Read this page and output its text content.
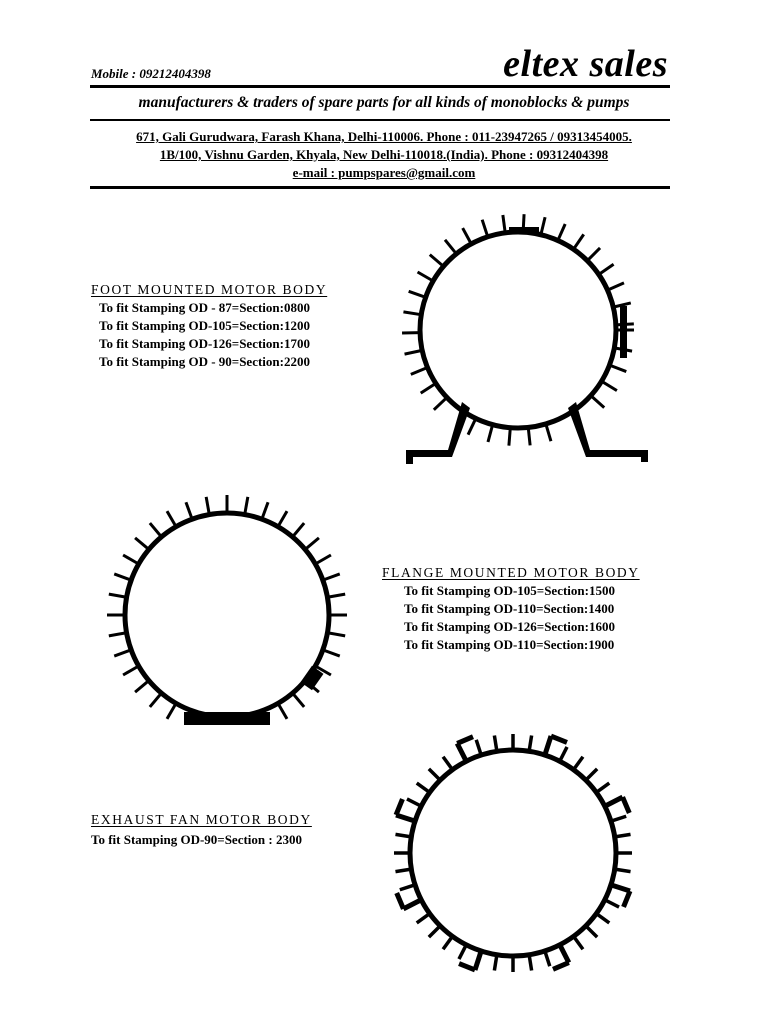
Mobile : 09212404398	eltex sales
manufacturers & traders of spare parts for all kinds of monoblocks & pumps
671, Gali Gurudwara, Farash Khana, Delhi-110006. Phone : 011-23947265 / 09313454005.
1B/100, Vishnu Garden, Khyala, New Delhi-110018.(India). Phone : 09312404398
e-mail : pumpspares@gmail.com
FOOT MOUNTED MOTOR BODY
To fit Stamping OD - 87=Section:0800
To fit Stamping OD-105=Section:1200
To fit Stamping OD-126=Section:1700
To fit Stamping OD - 90=Section:2200
FLANGE MOUNTED MOTOR BODY
To fit Stamping OD-105=Section:1500
To fit Stamping OD-110=Section:1400
To fit Stamping OD-126=Section:1600
To fit Stamping OD-110=Section:1900
EXHAUST FAN MOTOR BODY
To fit Stamping OD-90=Section : 2300
